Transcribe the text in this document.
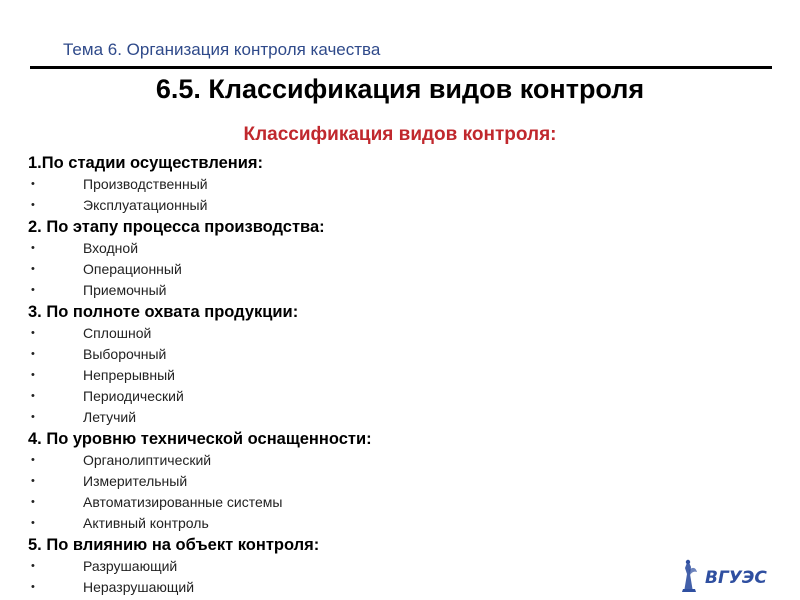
Тема 6. Организация контроля качества
6.5. Классификация видов контроля
Классификация видов контроля:
1.По стадии осуществления:
•	Производственный
•	Эксплуатационный
2. По этапу процесса производства:
•	Входной
•	Операционный
•	Приемочный
3. По полноте охвата продукции:
•	Сплошной
•	Выборочный
•	Непрерывный
•	Периодический
•	Летучий
4. По уровню технической оснащенности:
•	Органолиптический
•	Измерительный
•	Автоматизированные системы
•	Активный контроль
5. По влиянию на объект контроля:
•	Разрушающий
•	Неразрушающий	ВГУЭС
